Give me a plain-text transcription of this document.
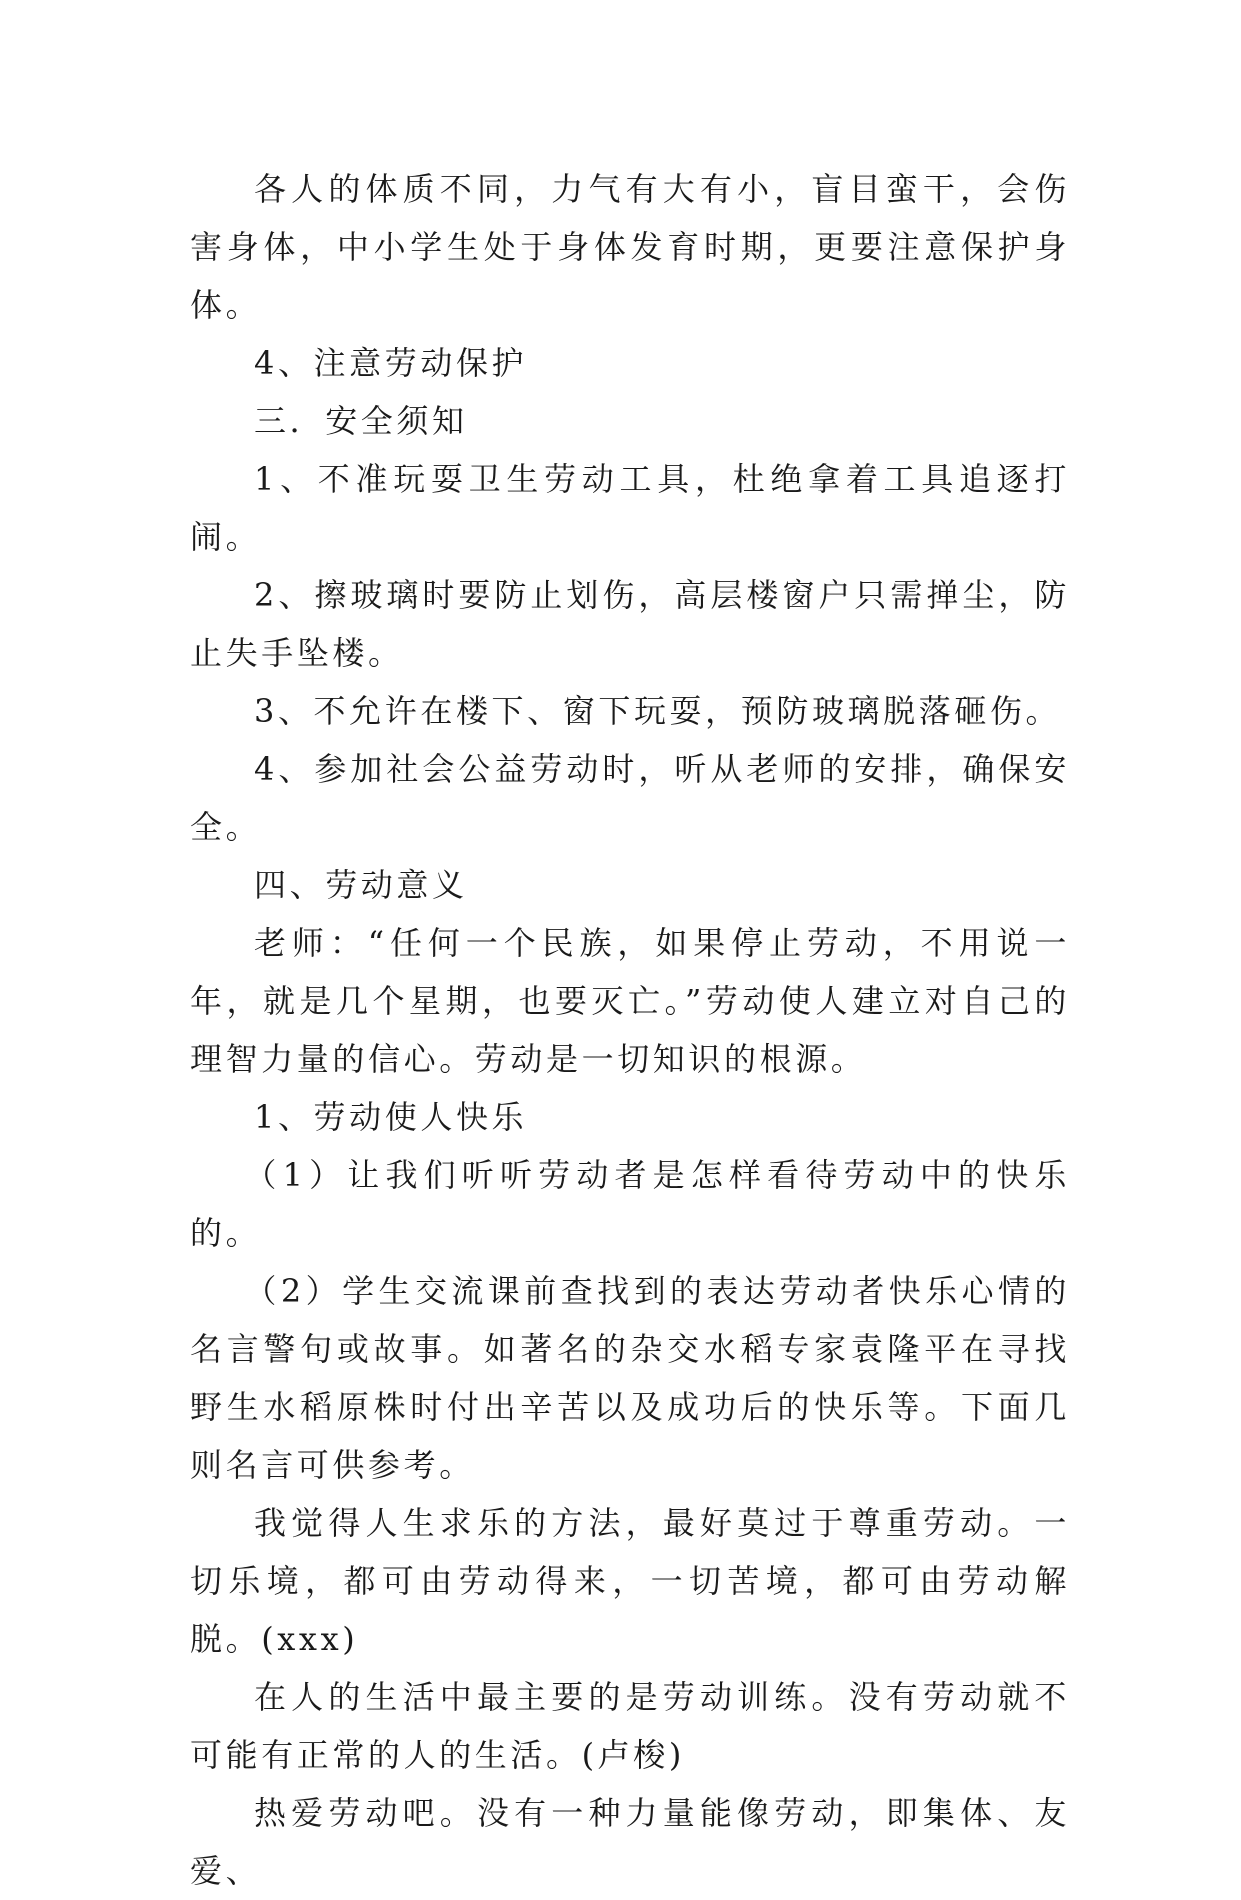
各人的体质不同，力气有大有小，盲目蛮干，会伤害身体，中小学生处于身体发育时期，更要注意保护身体。

4、注意劳动保护

三．安全须知

1、不准玩耍卫生劳动工具，杜绝拿着工具追逐打闹。

2、擦玻璃时要防止划伤，高层楼窗户只需掸尘，防止失手坠楼。

3、不允许在楼下、窗下玩耍，预防玻璃脱落砸伤。

4、参加社会公益劳动时，听从老师的安排，确保安全。

四、劳动意义

老师：“任何一个民族，如果停止劳动，不用说一年，就是几个星期，也要灭亡。”劳动使人建立对自己的理智力量的信心。劳动是一切知识的根源。

1、劳动使人快乐

（1）让我们听听劳动者是怎样看待劳动中的快乐的。

（2）学生交流课前查找到的表达劳动者快乐心情的名言警句或故事。如著名的杂交水稻专家袁隆平在寻找野生水稻原株时付出辛苦以及成功后的快乐等。下面几则名言可供参考。

我觉得人生求乐的方法，最好莫过于尊重劳动。一切乐境，都可由劳动得来，一切苦境，都可由劳动解脱。(xxx)

在人的生活中最主要的是劳动训练。没有劳动就不可能有正常的人的生活。(卢梭)

热爱劳动吧。没有一种力量能像劳动，即集体、友爱、
